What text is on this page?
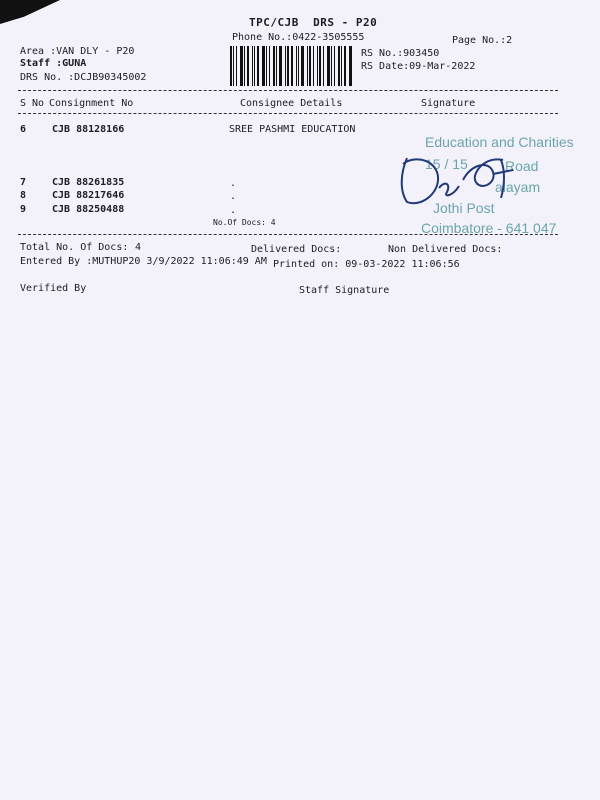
TPC/CJB  DRS - P20
Phone No.:0422-3505555	Page No.:2
Area :VAN DLY - P20
Staff :GUNA
DRS No. :DCJB90345002
RS No.:903450
RS Date:09-Mar-2022
S No Consignment No	Consignee Details	Signature
6	CJB 88128166	SREE PASHMI EDUCATION
7	CJB 88261835	.
8	CJB 88217646	.
9	CJB 88250488	.
No.Of Docs: 4
Education and Charities
15 / 15	Road
alayam
Jothi Post
Coimbatore - 641 047
Total No. Of Docs: 4	Delivered Docs:	Non Delivered Docs:
Entered By :MUTHUP20 3/9/2022 11:06:49 AM Printed on: 09-03-2022 11:06:56
Verified By	Staff Signature
